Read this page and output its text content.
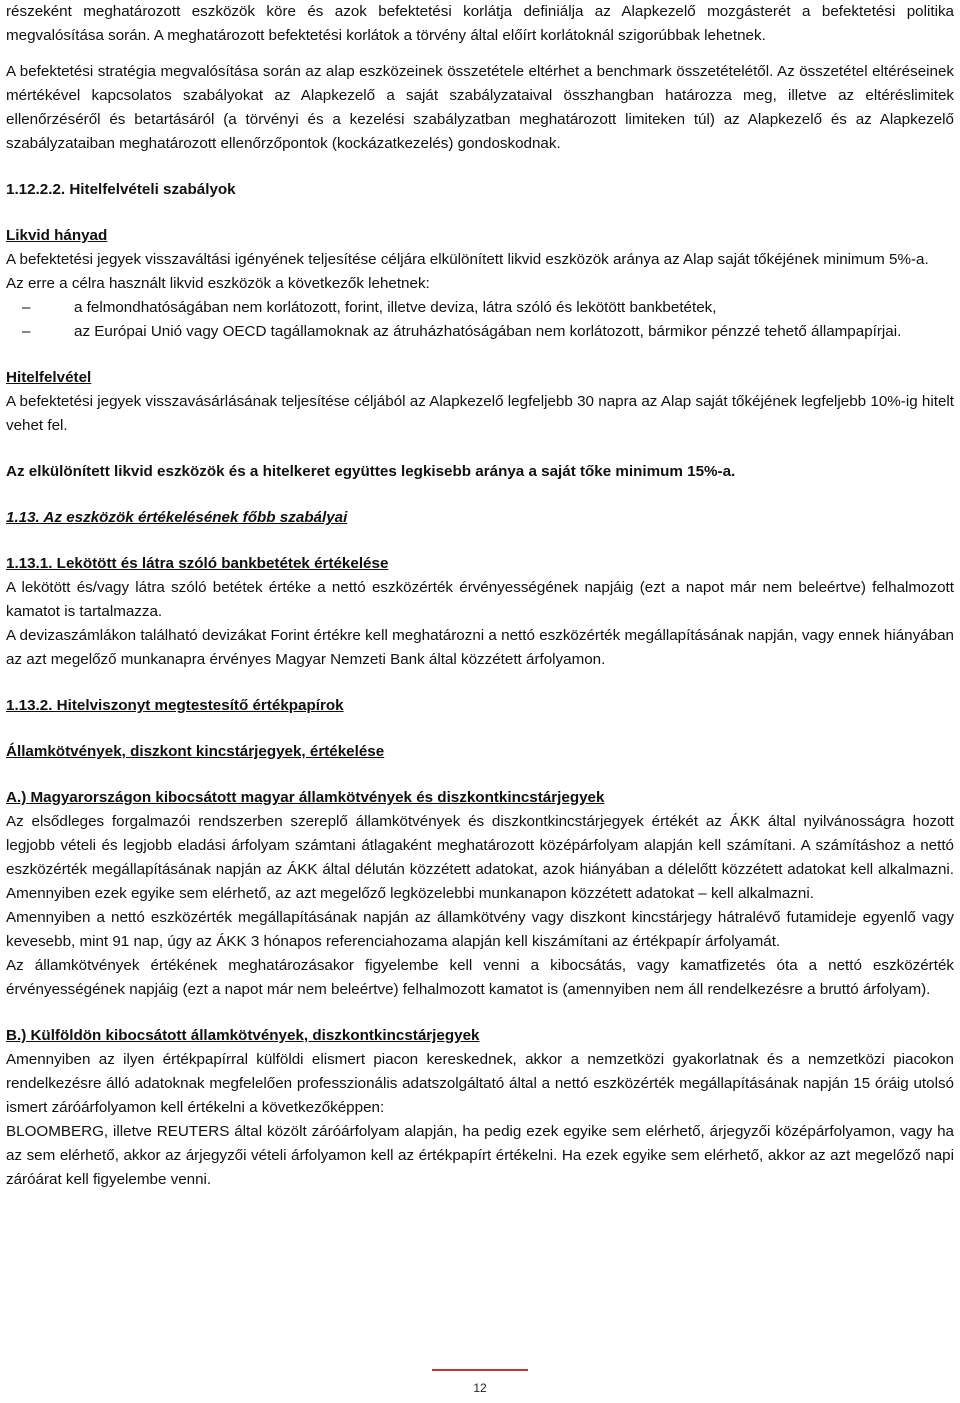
részeként meghatározott eszközök köre és azok befektetési korlátja definiálja az Alapkezelő mozgásterét a befektetési politika megvalósítása során. A meghatározott befektetési korlátok a törvény által előírt korlátoknál szigorúbbak lehetnek.

A befektetési stratégia megvalósítása során az alap eszközeinek összetétele eltérhet a benchmark összetételétől. Az összetétel eltéréseinek mértékével kapcsolatos szabályokat az Alapkezelő a saját szabályzataival összhangban határozza meg, illetve az eltéréslimitek ellenőrzéséről és betartásáról (a törvényi és a kezelési szabályzatban meghatározott limiteken túl) az Alapkezelő és az Alapkezelő szabályzataiban meghatározott ellenőrzőpontok (kockázatkezelés) gondoskodnak.

1.12.2.2. Hitelfelvételi szabályok

Likvid hányad

A befektetési jegyek visszaváltási igényének teljesítése céljára elkülönített likvid eszközök aránya az Alap saját tőkéjének minimum 5%-a.

Az erre a célra használt likvid eszközök a következők lehetnek:

–	a felmondhatóságában nem korlátozott, forint, illetve deviza, látra szóló és lekötött bankbetétek,
–	az Európai Unió vagy OECD tagállamoknak az átruházhatóságában nem korlátozott, bármikor pénzzé tehető állampapírjai.

Hitelfelvétel

A befektetési jegyek visszavásárlásának teljesítése céljából az Alapkezelő legfeljebb 30 napra az Alap saját tőkéjének legfeljebb 10%-ig hitelt vehet fel.

Az elkülönített likvid eszközök és a hitelkeret együttes legkisebb aránya a saját tőke minimum 15%-a.

1.13. Az eszközök értékelésének főbb szabályai

1.13.1. Lekötött és látra szóló bankbetétek értékelése

A lekötött és/vagy látra szóló betétek értéke a nettó eszközérték érvényességének napjáig (ezt a napot már nem beleértve) felhalmozott kamatot is tartalmazza.

A devizaszámlákon található devizákat Forint értékre kell meghatározni a nettó eszközérték megállapításának napján, vagy ennek hiányában az azt megelőző munkanapra érvényes Magyar Nemzeti Bank által közzétett árfolyamon.

1.13.2. Hitelviszonyt megtestesítő értékpapírok

Államkötvények, diszkont kincstárjegyek, értékelése

A.) Magyarországon kibocsátott magyar államkötvények és diszkontkincstárjegyek

Az elsődleges forgalmazói rendszerben szereplő államkötvények és diszkontkincstárjegyek értékét az ÁKK által nyilvánosságra hozott legjobb vételi és legjobb eladási árfolyam számtani átlagaként meghatározott középárfolyam alapján kell számítani. A számításhoz a nettó eszközérték megállapításának napján az ÁKK által délután közzétett adatokat, azok hiányában a délelőtt közzétett adatokat kell alkalmazni. Amennyiben ezek egyike sem elérhető, az azt megelőző legközelebbi munkanapon közzétett adatokat – kell alkalmazni.

Amennyiben a nettó eszközérték megállapításának napján az államkötvény vagy diszkont kincstárjegy hátralévő futamideje egyenlő vagy kevesebb, mint 91 nap, úgy az ÁKK 3 hónapos referenciahozama alapján kell kiszámítani az értékpapír árfolyamát.

Az államkötvények értékének meghatározásakor figyelembe kell venni a kibocsátás, vagy kamatfizetés óta a nettó eszközérték érvényességének napjáig (ezt a napot már nem beleértve) felhalmozott kamatot is (amennyiben nem áll rendelkezésre a bruttó árfolyam).

B.) Külföldön kibocsátott államkötvények, diszkontkincstárjegyek

Amennyiben az ilyen értékpapírral külföldi elismert piacon kereskednek, akkor a nemzetközi gyakorlatnak és a nemzetközi piacokon rendelkezésre álló adatoknak megfelelően professzionális adatszolgáltató által a nettó eszközérték megállapításának napján 15 óráig utolsó ismert záróárfolyamon kell értékelni a következőképpen:

BLOOMBERG, illetve REUTERS által közölt záróárfolyam alapján, ha pedig ezek egyike sem elérhető, árjegyzői középárfolyamon, vagy ha az sem elérhető, akkor az árjegyzői vételi árfolyamon kell az értékpapírt értékelni. Ha ezek egyike sem elérhető, akkor az azt megelőző napi záróárat kell figyelembe venni.

12
